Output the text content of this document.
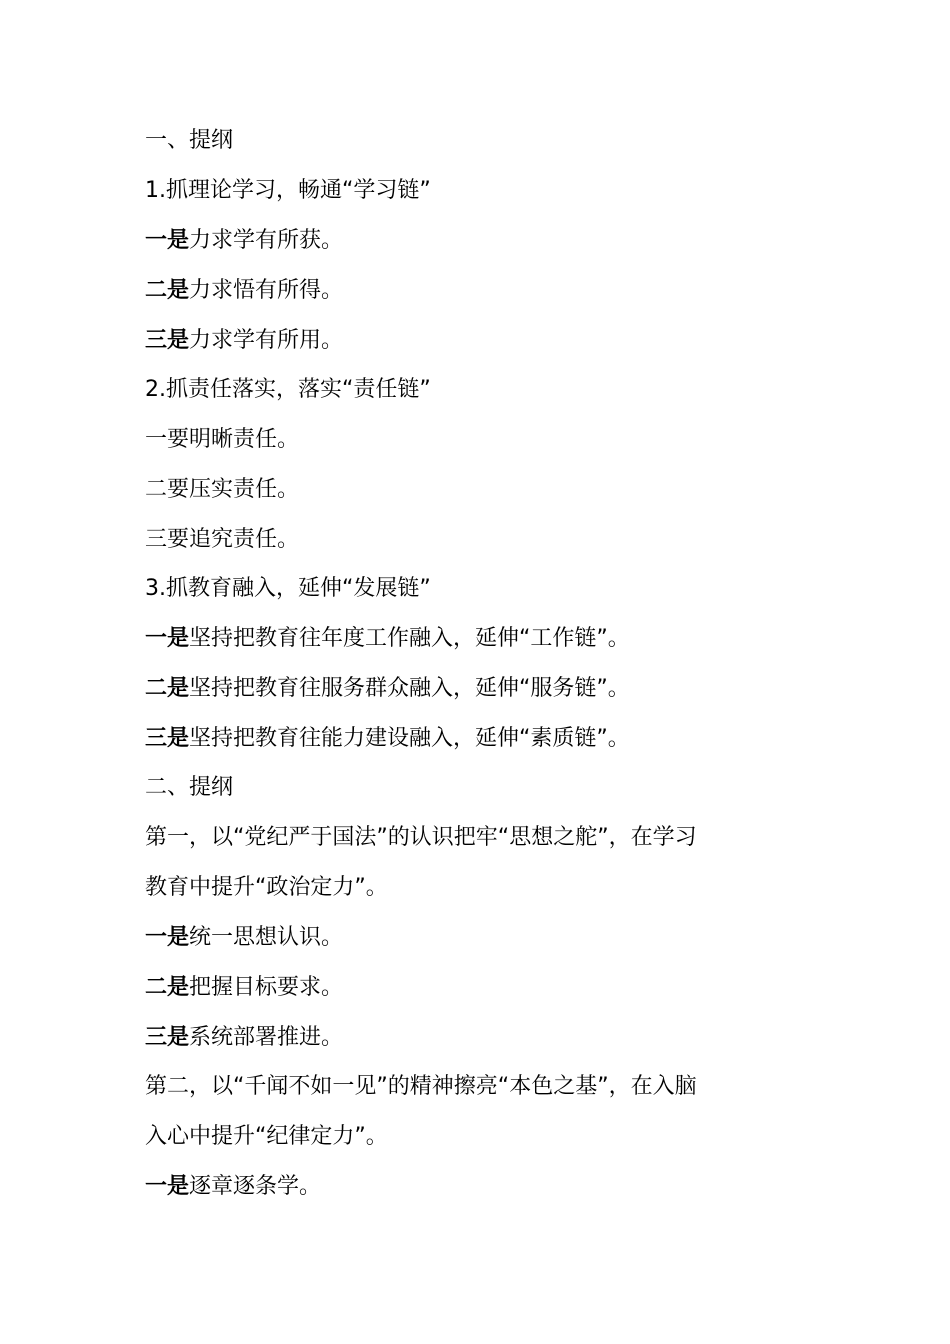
一、提纲
1.抓理论学习，畅通“学习链”
一是力求学有所获。
二是力求悟有所得。
三是力求学有所用。
2.抓责任落实，落实“责任链”
一要明晰责任。
二要压实责任。
三要追究责任。
3.抓教育融入，延伸“发展链”
一是坚持把教育往年度工作融入，延伸“工作链”。
二是坚持把教育往服务群众融入，延伸“服务链”。
三是坚持把教育往能力建设融入，延伸“素质链”。
二、提纲
第一，以“党纪严于国法”的认识把牢“思想之舵”，在学习
教育中提升“政治定力”。
一是统一思想认识。
二是把握目标要求。
三是系统部署推进。
第二，以“千闻不如一见”的精神擦亮“本色之基”，在入脑
入心中提升“纪律定力”。
一是逐章逐条学。
